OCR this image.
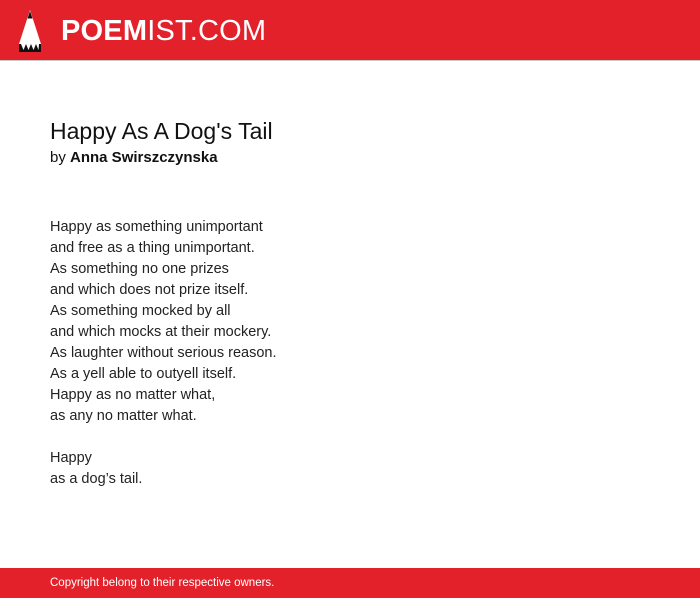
POEMIST.COM
Happy As A Dog's Tail
by Anna Swirszczynska
Happy as something unimportant
and free as a thing unimportant.
As something no one prizes
and which does not prize itself.
As something mocked by all
and which mocks at their mockery.
As laughter without serious reason.
As a yell able to outyell itself.
Happy as no matter what,
as any no matter what.
Happy
as a dog’s tail.
Copyright belong to their respective owners.
